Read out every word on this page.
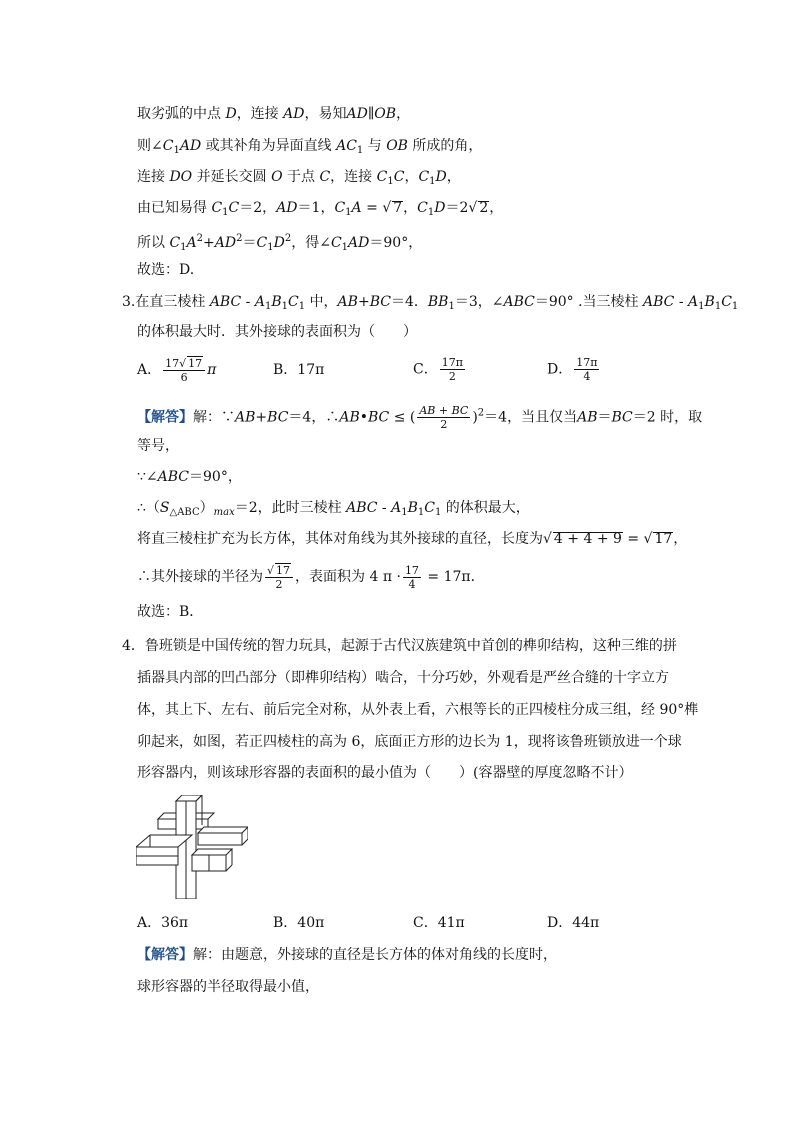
取劣弧的中点 D，连接 AD，易知AD∥OB，
则$\angle C_1AD$ 或其补角为异面直线 $AC_1$ 与 OB 所成的角，
连接 DO 并延长交圆 O 于点 C，连接 $C_1C$，$C_1D$，
由已知易得 $C_1C=2$，AD＝1，$C_1A$ = √ 7，$C_1D=2√$ 2，
所以 $C_1A^2+AD^2=C_1D^2$，得$\angle C_1AD=90^\circ$，
故选：D.
3.在直三棱柱 ABC - $A_1B_1C_1$ 中，AB+BC＝4．$BB_1=3$，∠ABC＝90° .当三棱柱 ABC - $A_1B_1C_1$
的体积最大时．其外接球的表面积为（　　）
A． $\frac{17√ 17}{6}$ π	B．17π	C． $\frac{17\pi}{2}$	D． $\frac{17\pi}{4}$
【解答】解：∵AB+BC＝4，∴AB•BC ≤ ( $\frac{AB + BC}{2} )^2=4$，当且仅当AB＝BC＝2 时，取
等号，
∵∠ABC＝90°，
$\therefore(S_{\triangle ABC})_{max}=2$，此时三棱柱 ABC - $A_1B_1C_1$ 的体积最大，
将直三棱柱扩充为长方体，其体对角线为其外接球的直径，长度为√ 4 + 4 + 9 = √ 17，
∴其外接球的半径为 $\frac{√ 17}{2}$ ，表面积为 4 $\pi \cdot \frac{17}{4} = 17\pi$．
故选：B．
4．鲁班锁是中国传统的智力玩具，起源于古代汉族建筑中首创的榫卯结构，这种三维的拼
插器具内部的凹凸部分（即榫卯结构）啮合，十分巧妙，外观看是严丝合缝的十字立方
体，其上下、左右、前后完全对称，从外表上看，六根等长的正四棱柱分成三组，经 90°榫
卯起来，如图，若正四棱柱的高为 6，底面正方形的边长为 1，现将该鲁班锁放进一个球
形容器内，则该球形容器的表面积的最小值为（　　）(容器壁的厚度忽略不计）
A．36π	B．40π	C．41π	D．44π
【解答】解：由题意，外接球的直径是长方体的体对角线的长度时，
球形容器的半径取得最小值，
